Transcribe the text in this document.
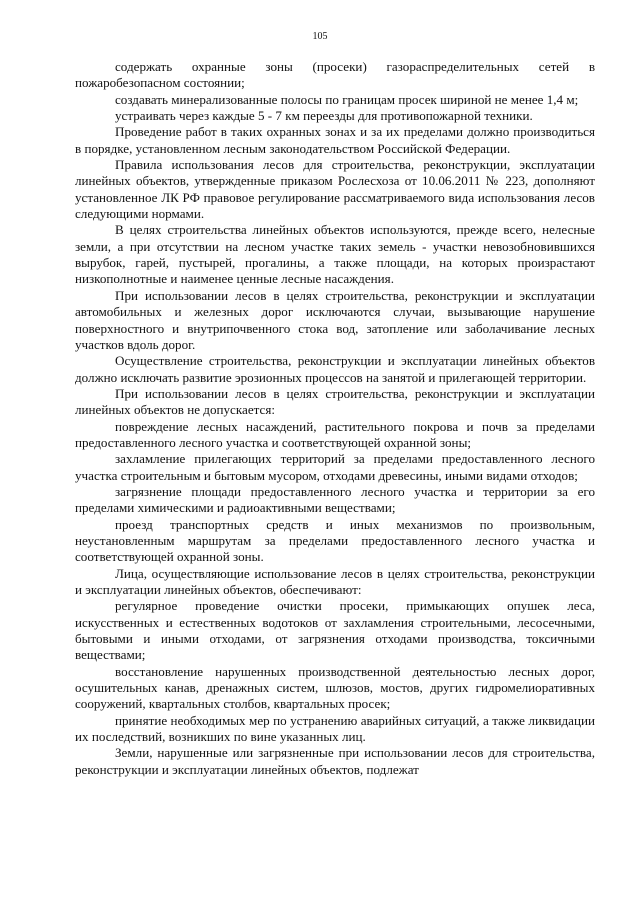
105

содержать охранные зоны (просеки) газораспределительных сетей в пожаробезопасном состоянии;

создавать минерализованные полосы по границам просек шириной не менее 1,4 м;

устраивать через каждые 5 - 7 км переезды для противопожарной техники.

Проведение работ в таких охранных зонах и за их пределами должно производиться в порядке, установленном лесным законодательством Российской Федерации.

Правила использования лесов для строительства, реконструкции, эксплуатации линейных объектов, утвержденные приказом Рослесхоза от 10.06.2011 № 223, дополняют установленное ЛК РФ правовое регулирование рассматриваемого вида использования лесов следующими нормами.

В целях строительства линейных объектов используются, прежде всего, нелесные земли, а при отсутствии на лесном участке таких земель - участки невозобновившихся вырубок, гарей, пустырей, прогалины, а также площади, на которых произрастают низкополнотные и наименее ценные лесные насаждения.

При использовании лесов в целях строительства, реконструкции и эксплуатации автомобильных и железных дорог исключаются случаи, вызывающие нарушение поверхностного и внутрипочвенного стока вод, затопление или заболачивание лесных участков вдоль дорог.

Осуществление строительства, реконструкции и эксплуатации линейных объектов должно исключать развитие эрозионных процессов на занятой и прилегающей территории.

При использовании лесов в целях строительства, реконструкции и эксплуатации линейных объектов не допускается:

повреждение лесных насаждений, растительного покрова и почв за пределами предоставленного лесного участка и соответствующей охранной зоны;

захламление прилегающих территорий за пределами предоставленного лесного участка строительным и бытовым мусором, отходами древесины, иными видами отходов;

загрязнение площади предоставленного лесного участка и территории за его пределами химическими и радиоактивными веществами;

проезд транспортных средств и иных механизмов по произвольным, неустановленным маршрутам за пределами предоставленного лесного участка и соответствующей охранной зоны.

Лица, осуществляющие использование лесов в целях строительства, реконструкции и эксплуатации линейных объектов, обеспечивают:

регулярное проведение очистки просеки, примыкающих опушек леса, искусственных и естественных водотоков от захламления строительными, лесосечными, бытовыми и иными отходами, от загрязнения отходами производства, токсичными веществами;

восстановление нарушенных производственной деятельностью лесных дорог, осушительных канав, дренажных систем, шлюзов, мостов, других гидромелиоративных сооружений, квартальных столбов, квартальных просек;

принятие необходимых мер по устранению аварийных ситуаций, а также ликвидации их последствий, возникших по вине указанных лиц.

Земли, нарушенные или загрязненные при использовании лесов для строительства, реконструкции и эксплуатации линейных объектов, подлежат
